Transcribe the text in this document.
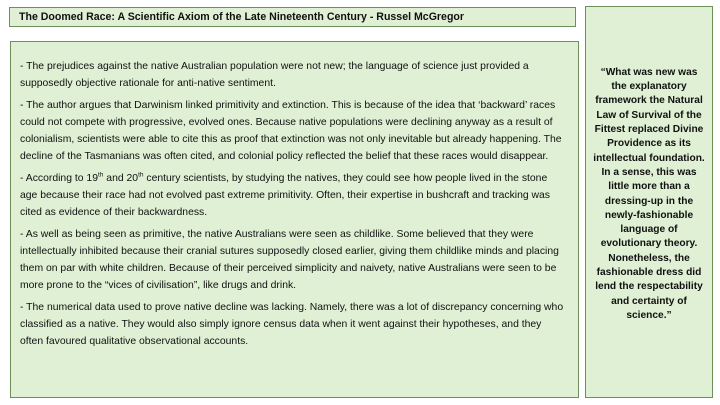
The Doomed Race: A Scientific Axiom of the Late Nineteenth Century - Russel McGregor

- The prejudices against the native Australian population were not new; the language of science just provided a supposedly objective rationale for anti-native sentiment.

- The author argues that Darwinism linked primitivity and extinction. This is because of the idea that ‘backward’ races could not compete with progressive, evolved ones. Because native populations were declining anyway as a result of colonialism, scientists were able to cite this as proof that extinction was not only inevitable but already happening. The decline of the Tasmanians was often cited, and colonial policy reflected the belief that these races would disappear.

- According to 19th and 20th century scientists, by studying the natives, they could see how people lived in the stone age because their race had not evolved past extreme primitivity. Often, their expertise in bushcraft and tracking was cited as evidence of their backwardness.

- As well as being seen as primitive, the native Australians were seen as childlike. Some believed that they were intellectually inhibited because their cranial sutures supposedly closed earlier, giving them childlike minds and placing them on par with white children. Because of their perceived simplicity and naivety, native Australians were seen to be more prone to the “vices of civilisation”, like drugs and drink.

- The numerical data used to prove native decline was lacking. Namely, there was a lot of discrepancy concerning who classified as a native. They would also simply ignore census data when it went against their hypotheses, and they often favoured qualitative observational accounts.

“What was new was the explanatory framework the Natural Law of Survival of the Fittest replaced Divine Providence as its intellectual foundation. In a sense, this was little more than a dressing-up in the newly-fashionable language of evolutionary theory. Nonetheless, the fashionable dress did lend the respectability and certainty of science.”
